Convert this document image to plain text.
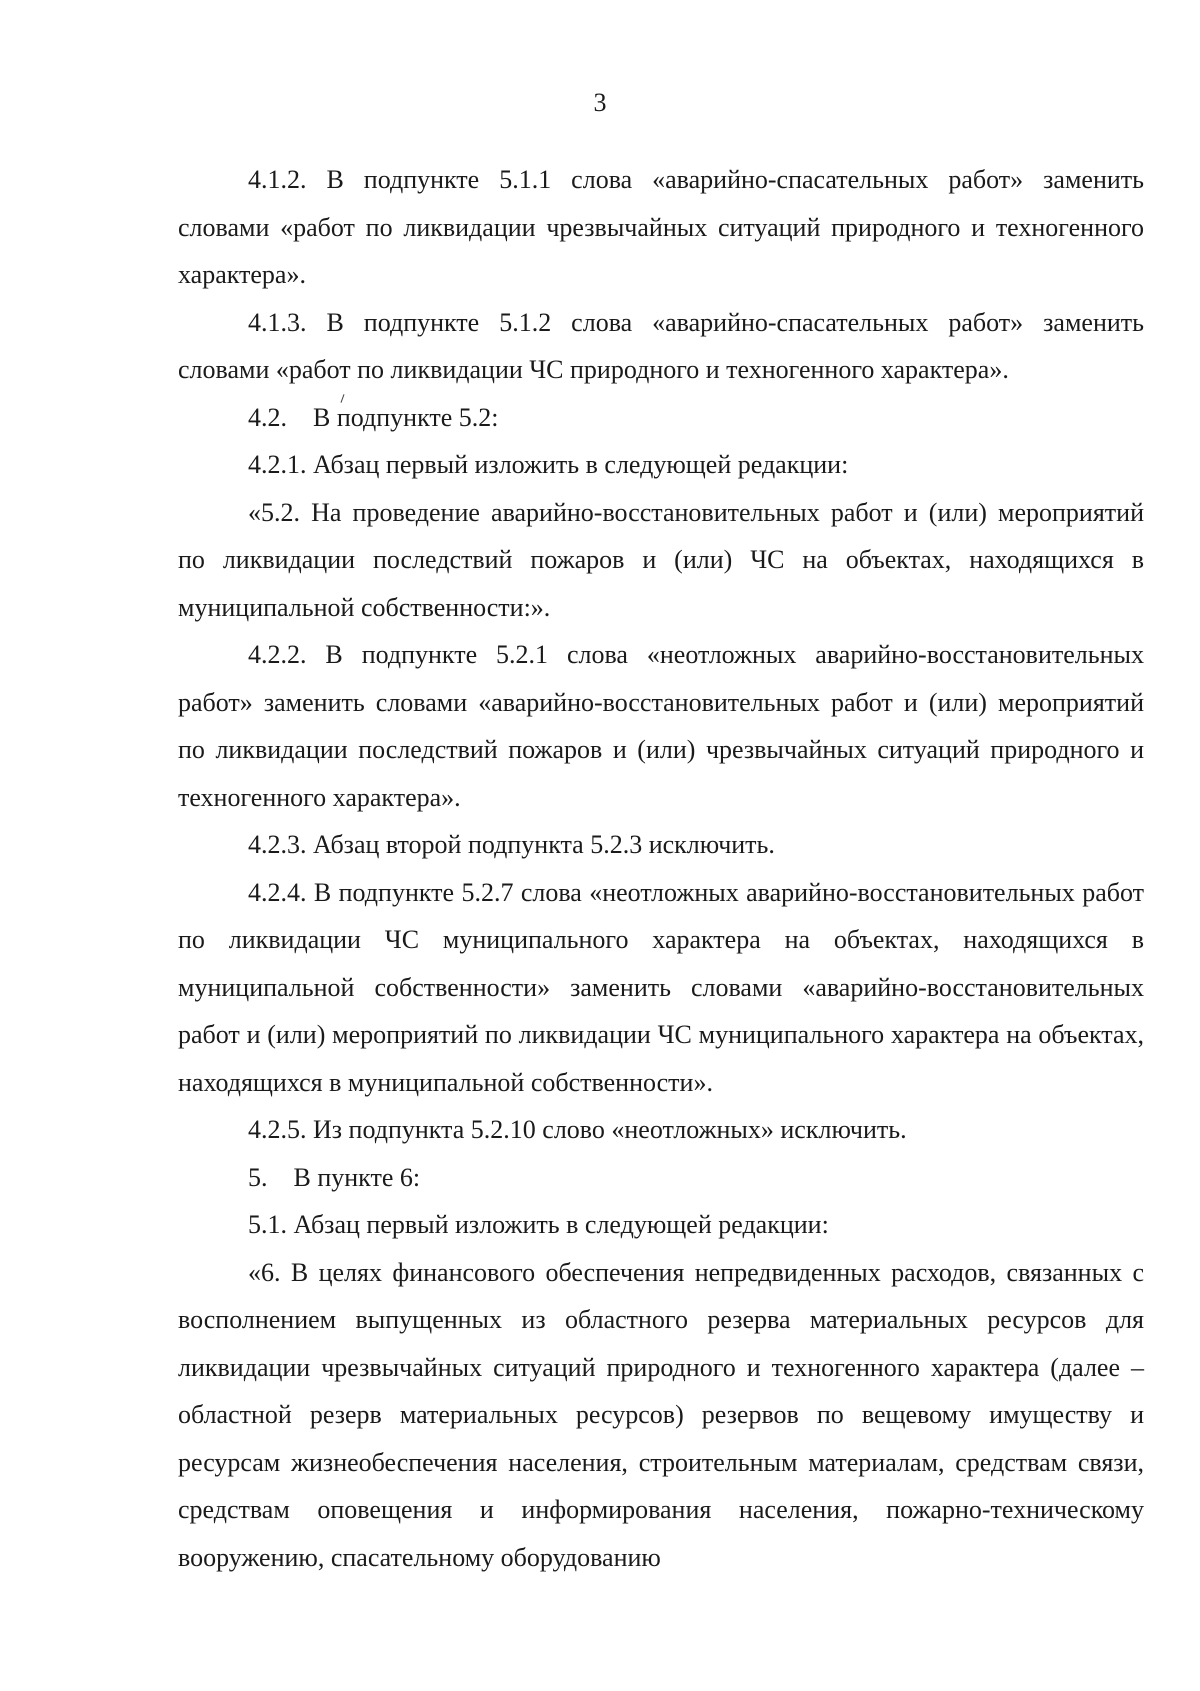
3

4.1.2. В подпункте 5.1.1 слова «аварийно-спасательных работ» заменить словами «работ по ликвидации чрезвычайных ситуаций природного и техногенного характера».

4.1.3. В подпункте 5.1.2 слова «аварийно-спасательных работ» заменить словами «работ по ликвидации ЧС природного и техногенного характера».

4.2.    В подпункте 5.2:

4.2.1. Абзац первый изложить в следующей редакции:

«5.2. На проведение аварийно-восстановительных работ и (или) мероприятий по ликвидации последствий пожаров и (или) ЧС на объектах, находящихся в муниципальной собственности:».

4.2.2. В подпункте 5.2.1 слова «неотложных аварийно-восстановительных работ» заменить словами «аварийно-восстановительных работ и (или) мероприятий по ликвидации последствий пожаров и (или) чрезвычайных ситуаций природного и техногенного характера».

4.2.3. Абзац второй подпункта 5.2.3 исключить.

4.2.4. В подпункте 5.2.7 слова «неотложных аварийно-восстановительных работ по ликвидации ЧС муниципального характера на объектах, находящихся в муниципальной собственности» заменить словами «аварийно-восстановительных работ и (или) мероприятий по ликвидации ЧС муниципального характера на объектах, находящихся в муниципальной собственности».

4.2.5. Из подпункта 5.2.10 слово «неотложных» исключить.

5.    В пункте 6:

5.1. Абзац первый изложить в следующей редакции:

«6. В целях финансового обеспечения непредвиденных расходов, связанных с восполнением выпущенных из областного резерва материальных ресурсов для ликвидации чрезвычайных ситуаций природного и техногенного характера (далее – областной резерв материальных ресурсов) резервов по вещевому имуществу и ресурсам жизнеобеспечения населения, строительным материалам, средствам связи, средствам оповещения и информирования населения, пожарно-техническому вооружению, спасательному оборудованию
